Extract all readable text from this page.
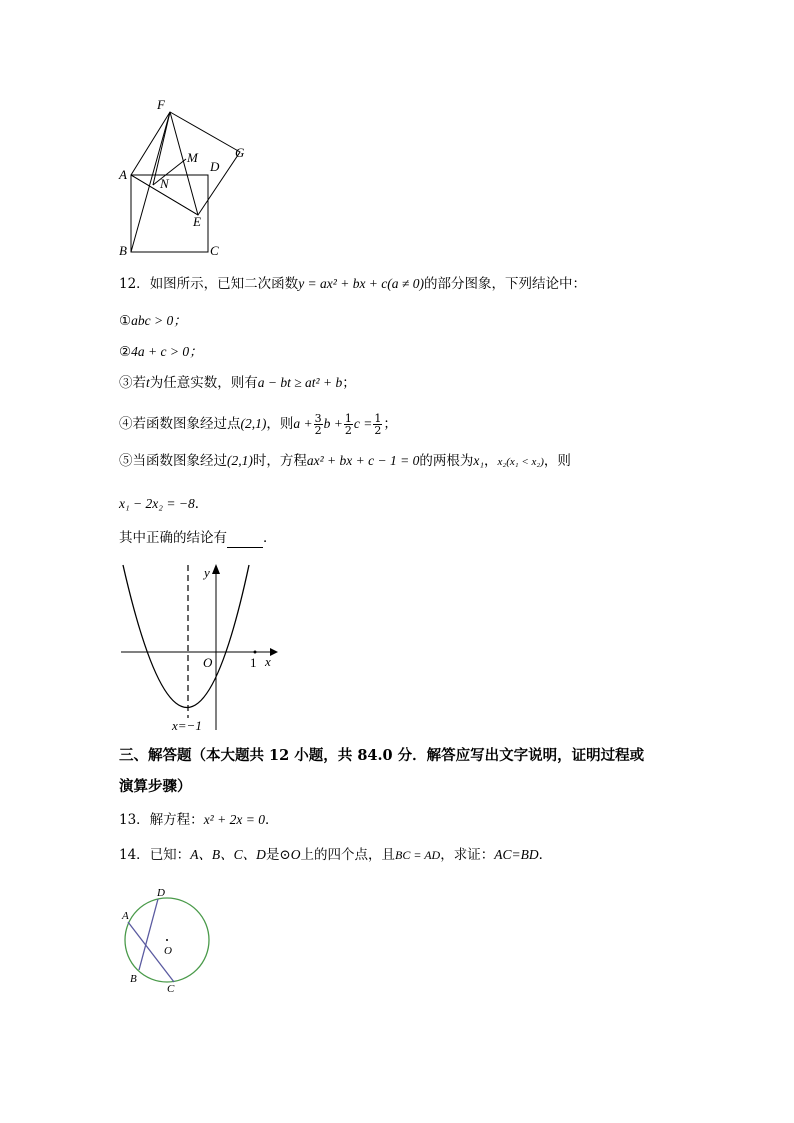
F
M	G
D
A
N
E
B	C
12．如图所示，已知二次函数y = ax² + bx + c(a ≠ 0)的部分图象，下列结论中：
①abc > 0；
②4a + c > 0；
③若t为任意实数，则有a − bt ≥ at² + b；
④若函数图象经过点(2,1)，则$a + \frac{3}{2}$ $b + \frac{1}{2}$ $c = \frac{1}{2}$ ；
⑤当函数图象经过(2,1)时，方程ax² + bx + c − 1 = 0的两根为x₁，x₂(x₁ < x₂)，则
x₁ − 2x₂ = −8．
其中正确的结论有	．
y
x
O	1
x=−1
三、解答题（本大题共 12 小题，共 84.0 分．解答应写出文字说明，证明过程或
演算步骤）
13．解方程：x² + 2x = 0．
14．已知：A、B、C、D是⊙O上的四个点，且BC = AD，求证：AC=BD．
D
A
O
B
C
